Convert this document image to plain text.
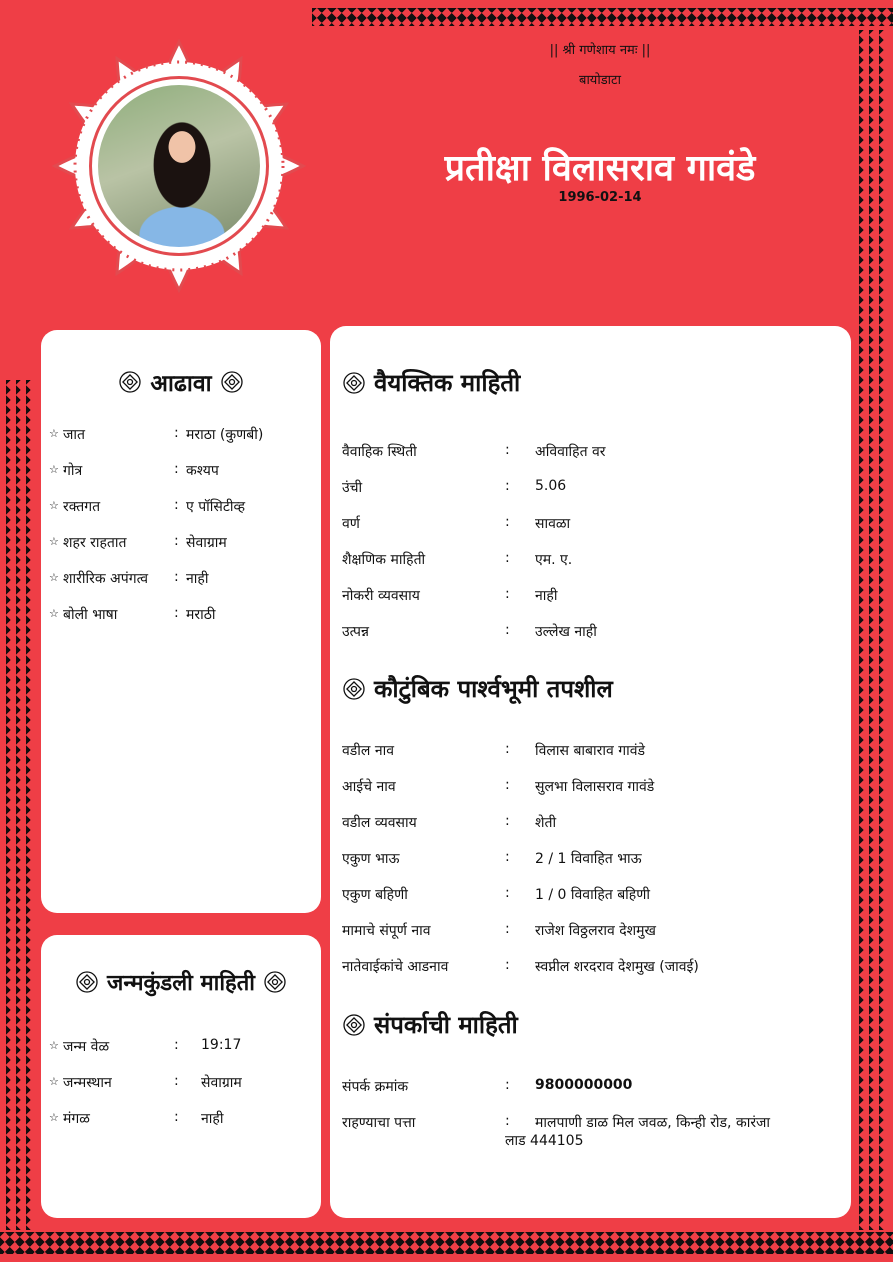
|| श्री गणेशाय नमः ||
बायोडाटा
प्रतीक्षा विलासराव गावंडे
1996-02-14
आढावा
☆ जात	: मराठा (कुणबी)
☆ गोत्र	: कश्यप
☆ रक्तगत	: ए पॉसिटीव्ह
☆ शहर राहतात	: सेवाग्राम
☆ शारीरिक अपंगत्व : नाही
☆ बोली भाषा	: मराठी
जन्मकुंडली माहिती
☆ जन्म वेळ	: 19:17
☆ जन्मस्थान	: सेवाग्राम
☆ मंगळ	: नाही
वैयक्तिक माहिती
वैवाहिक स्थिती	: अविवाहित वर
उंची	: 5.06
वर्ण	: सावळा
शैक्षणिक माहिती	: एम. ए.
नोकरी व्यवसाय	: नाही
उत्पन्न	: उल्लेख नाही
कौटुंबिक पार्श्वभूमी तपशील
वडील नाव	: विलास बाबाराव गावंडे
आईचे नाव	: सुलभा विलासराव गावंडे
वडील व्यवसाय	: शेती
एकुण भाऊ	: 2 / 1 विवाहित भाऊ
एकुण बहिणी	: 1 / 0 विवाहित बहिणी
मामाचे संपूर्ण नाव	: राजेश विठ्ठलराव देशमुख
नातेवाईकांचे आडनाव	: स्वप्नील शरदराव देशमुख (जावई)
संपर्काची माहिती
संपर्क क्रमांक	: 9800000000
राहण्याचा पत्ता	: मालपाणी डाळ मिल जवळ, किन्ही रोड, कारंजा
लाड 444105
